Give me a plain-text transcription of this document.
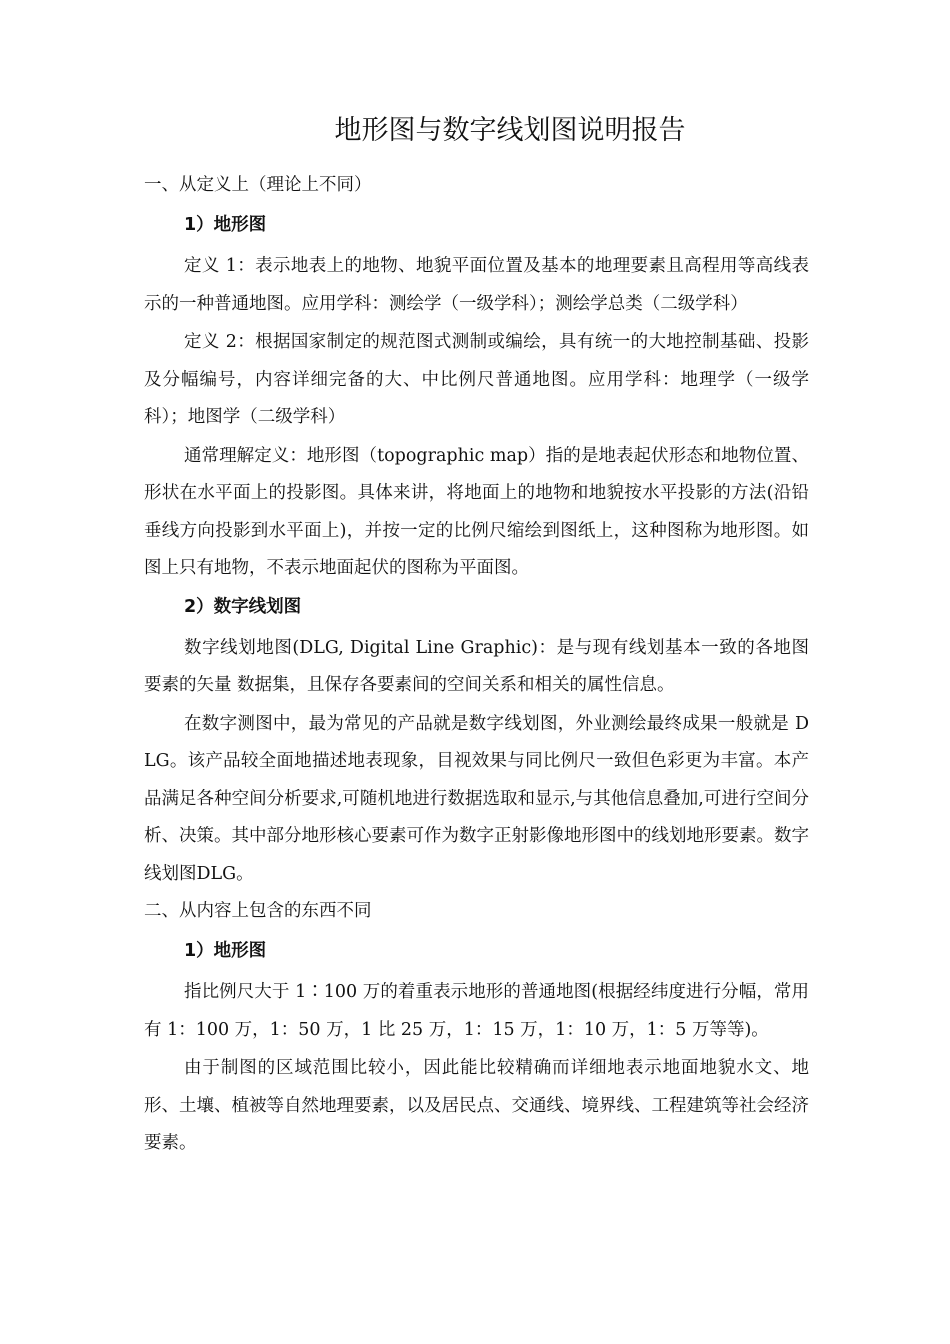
地形图与数字线划图说明报告
一、从定义上（理论上不同）
1）地形图

定义 1：表示地表上的地物、地貌平面位置及基本的地理要素且高程用等高线表示的一种普通地图。应用学科：测绘学（一级学科）；测绘学总类（二级学科）

定义 2：根据国家制定的规范图式测制或编绘，具有统一的大地控制基础、投影及分幅编号，内容详细完备的大、中比例尺普通地图。应用学科：地理学（一级学科）；地图学（二级学科）

通常理解定义：地形图（topographic map）指的是地表起伏形态和地物位置、形状在水平面上的投影图。具体来讲，将地面上的地物和地貌按水平投影的方法(沿铅垂线方向投影到水平面上)，并按一定的比例尺缩绘到图纸上，这种图称为地形图。如图上只有地物，不表示地面起伏的图称为平面图。

2）数字线划图

数字线划地图(DLG, Digital Line Graphic)：是与现有线划基本一致的各地图要素的矢量 数据集，且保存各要素间的空间关系和相关的属性信息。

在数字测图中，最为常见的产品就是数字线划图，外业测绘最终成果一般就是 DLG。该产品较全面地描述地表现象，目视效果与同比例尺一致但色彩更为丰富。本产品满足各种空间分析要求,可随机地进行数据选取和显示,与其他信息叠加,可进行空间分析、决策。其中部分地形核心要素可作为数字正射影像地形图中的线划地形要素。数字线划图DLG。

二、从内容上包含的东西不同
1）地形图

指比例尺大于 1∶100 万的着重表示地形的普通地图(根据经纬度进行分幅，常用有 1：100 万，1：50 万，1 比 25 万，1：15 万，1：10 万，1：5 万等等)。

由于制图的区域范围比较小，因此能比较精确而详细地表示地面地貌水文、地形、土壤、植被等自然地理要素，以及居民点、交通线、境界线、工程建筑等社会经济要素。
